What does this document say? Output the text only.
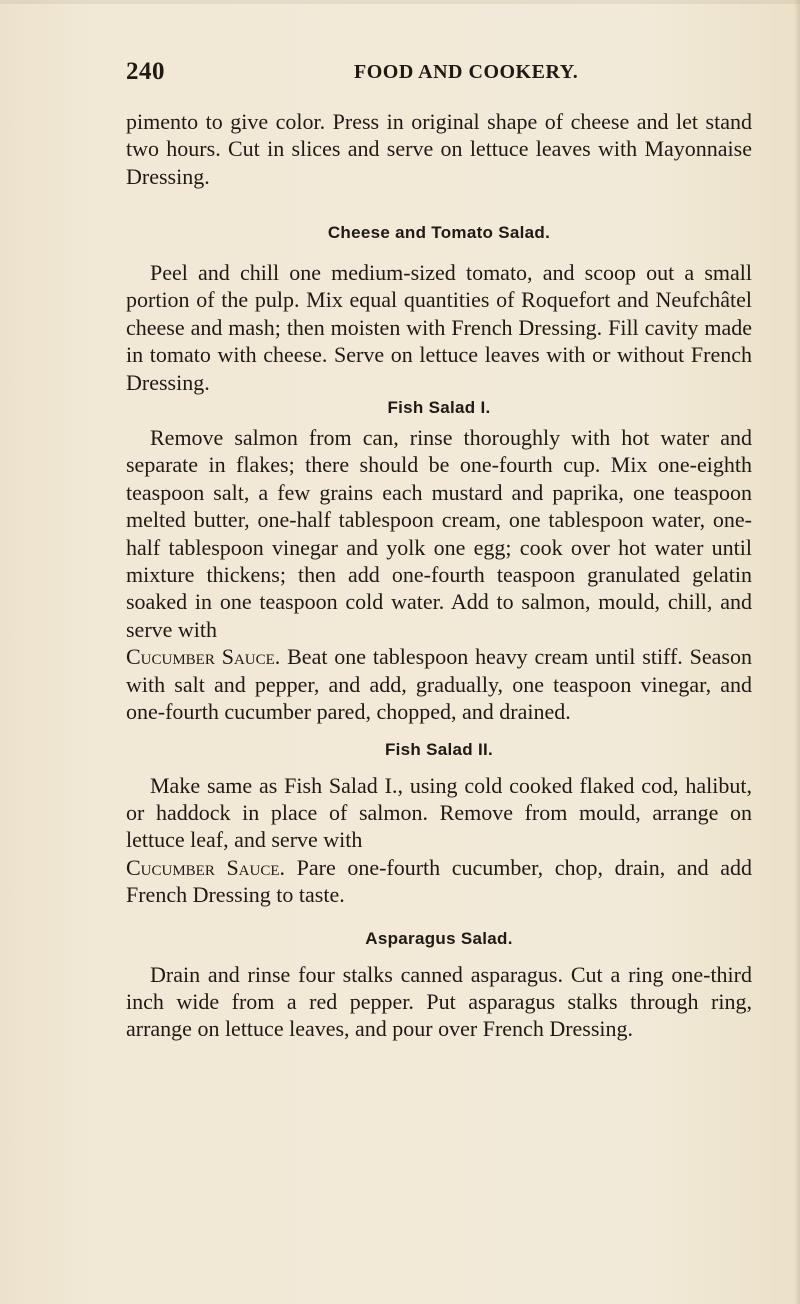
240	FOOD AND COOKERY.

pimento to give color. Press in original shape of cheese and let stand two hours. Cut in slices and serve on lettuce leaves with Mayonnaise Dressing.

Cheese and Tomato Salad.

Peel and chill one medium-sized tomato, and scoop out a small portion of the pulp. Mix equal quantities of Roquefort and Neufchâtel cheese and mash; then moisten with French Dressing. Fill cavity made in tomato with cheese. Serve on lettuce leaves with or without French Dressing.

Fish Salad I.

Remove salmon from can, rinse thoroughly with hot water and separate in flakes; there should be one-fourth cup. Mix one-eighth teaspoon salt, a few grains each mustard and paprika, one teaspoon melted butter, one-half tablespoon cream, one tablespoon water, one-half tablespoon vinegar and yolk one egg; cook over hot water until mixture thickens; then add one-fourth teaspoon granulated gelatin soaked in one teaspoon cold water. Add to salmon, mould, chill, and serve with
Cucumber Sauce. Beat one tablespoon heavy cream until stiff. Season with salt and pepper, and add, gradually, one teaspoon vinegar, and one-fourth cucumber pared, chopped, and drained.

Fish Salad II.

Make same as Fish Salad I., using cold cooked flaked cod, halibut, or haddock in place of salmon. Remove from mould, arrange on lettuce leaf, and serve with
Cucumber Sauce. Pare one-fourth cucumber, chop, drain, and add French Dressing to taste.

Asparagus Salad.

Drain and rinse four stalks canned asparagus. Cut a ring one-third inch wide from a red pepper. Put asparagus stalks through ring, arrange on lettuce leaves, and pour over French Dressing.
